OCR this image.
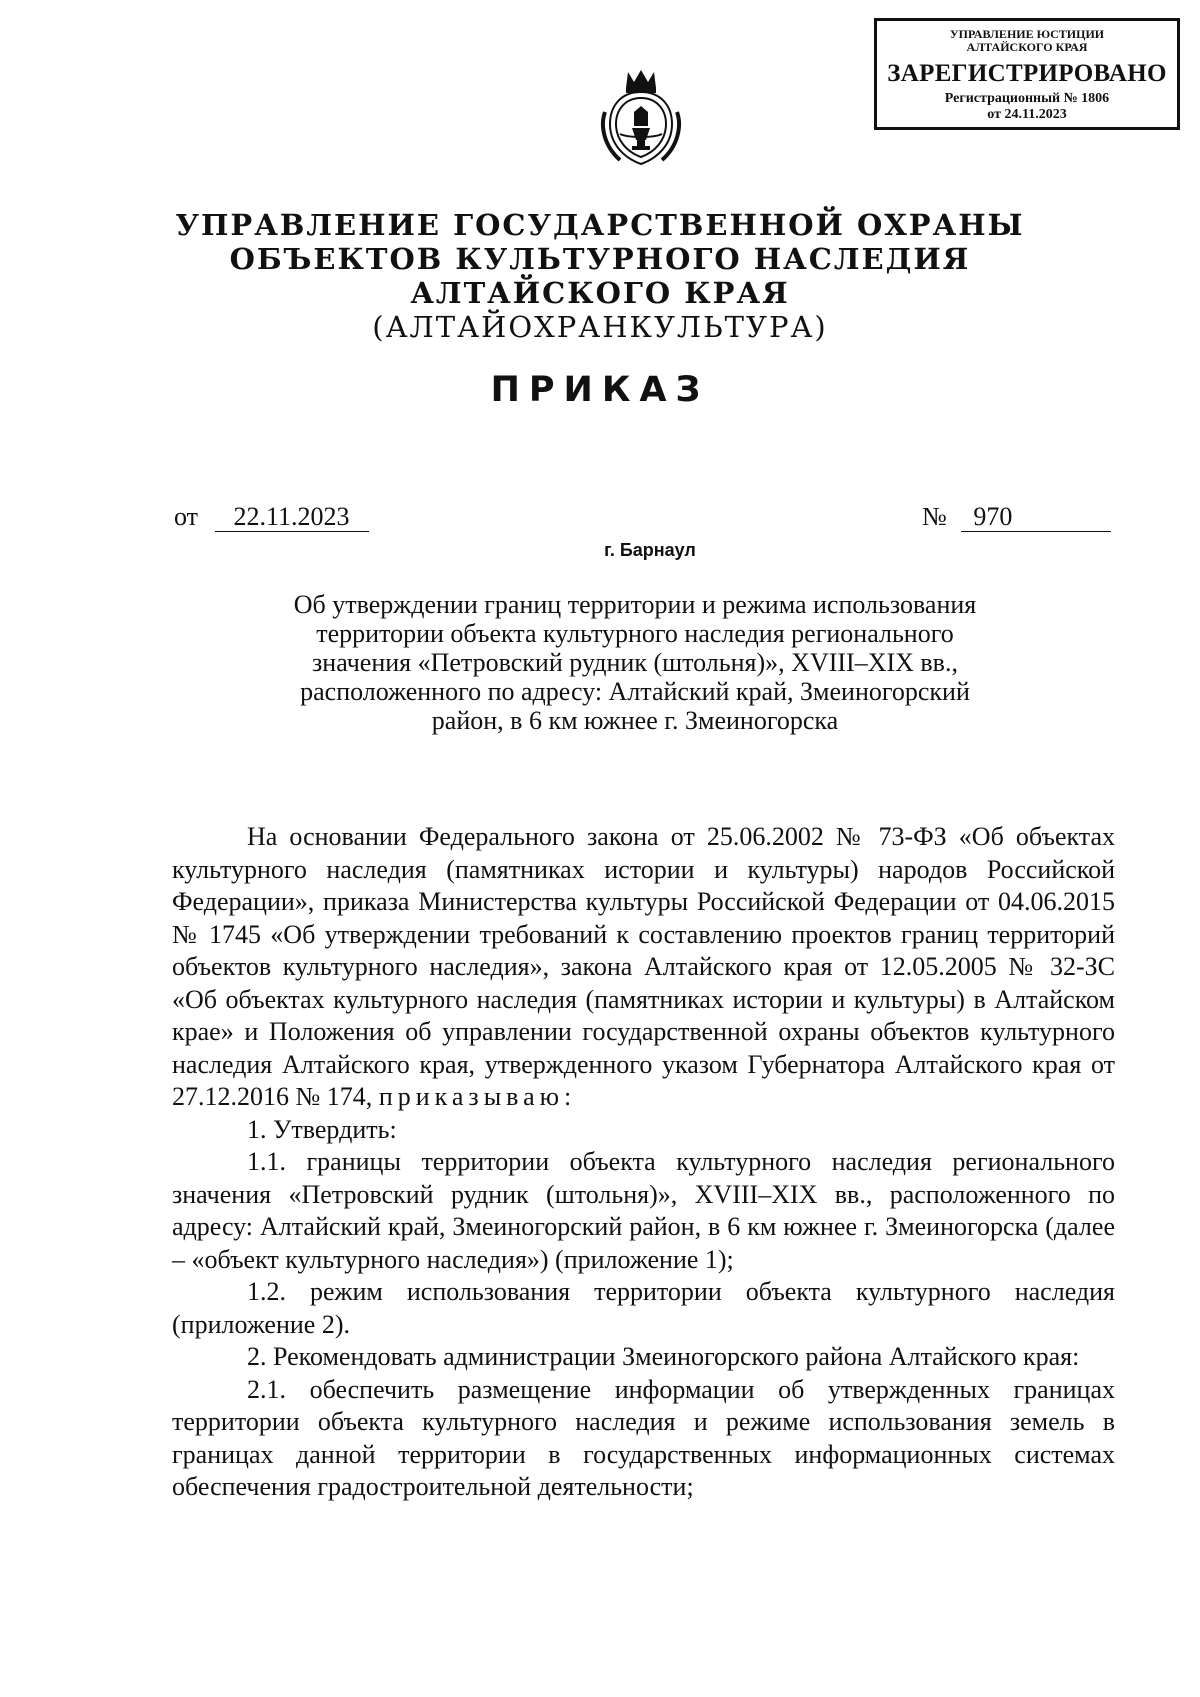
УПРАВЛЕНИЕ ЮСТИЦИИ
АЛТАЙСКОГО КРАЯ
ЗАРЕГИСТРИРОВАНО
Регистрационный № 1806
от 24.11.2023
УПРАВЛЕНИЕ ГОСУДАРСТВЕННОЙ ОХРАНЫ
ОБЪЕКТОВ КУЛЬТУРНОГО НАСЛЕДИЯ
АЛТАЙСКОГО КРАЯ
(АЛТАЙОХРАНКУЛЬТУРА)
ПРИКАЗ
от 22.11.2023	№ 970
г. Барнаул
Об утверждении границ территории и режима использования
территории объекта культурного наследия регионального
значения «Петровский рудник (штольня)», XVIII–XIX вв.,
расположенного по адресу: Алтайский край, Змеиногорский
район, в 6 км южнее г. Змеиногорска

На основании Федерального закона от 25.06.2002 № 73-ФЗ «Об объектах культурного наследия (памятниках истории и культуры) народов Российской Федерации», приказа Министерства культуры Российской Федерации от 04.06.2015 № 1745 «Об утверждении требований к составлению проектов границ территорий объектов культурного наследия», закона Алтайского края от 12.05.2005 № 32-ЗС «Об объектах культурного наследия (памятниках истории и культуры) в Алтайском крае» и Положения об управлении государственной охраны объектов культурного наследия Алтайского края, утвержденного указом Губернатора Алтайского края от 27.12.2016 № 174, приказываю:

1. Утвердить:

1.1. границы территории объекта культурного наследия регионального значения «Петровский рудник (штольня)», XVIII–XIX вв., расположенного по адресу: Алтайский край, Змеиногорский район, в 6 км южнее г. Змеиногорска (далее – «объект культурного наследия») (приложение 1);

1.2. режим использования территории объекта культурного наследия (приложение 2).

2. Рекомендовать администрации Змеиногорского района Алтайского края:

2.1. обеспечить размещение информации об утвержденных границах территории объекта культурного наследия и режиме использования земель в границах данной территории в государственных информационных системах обеспечения градостроительной деятельности;
